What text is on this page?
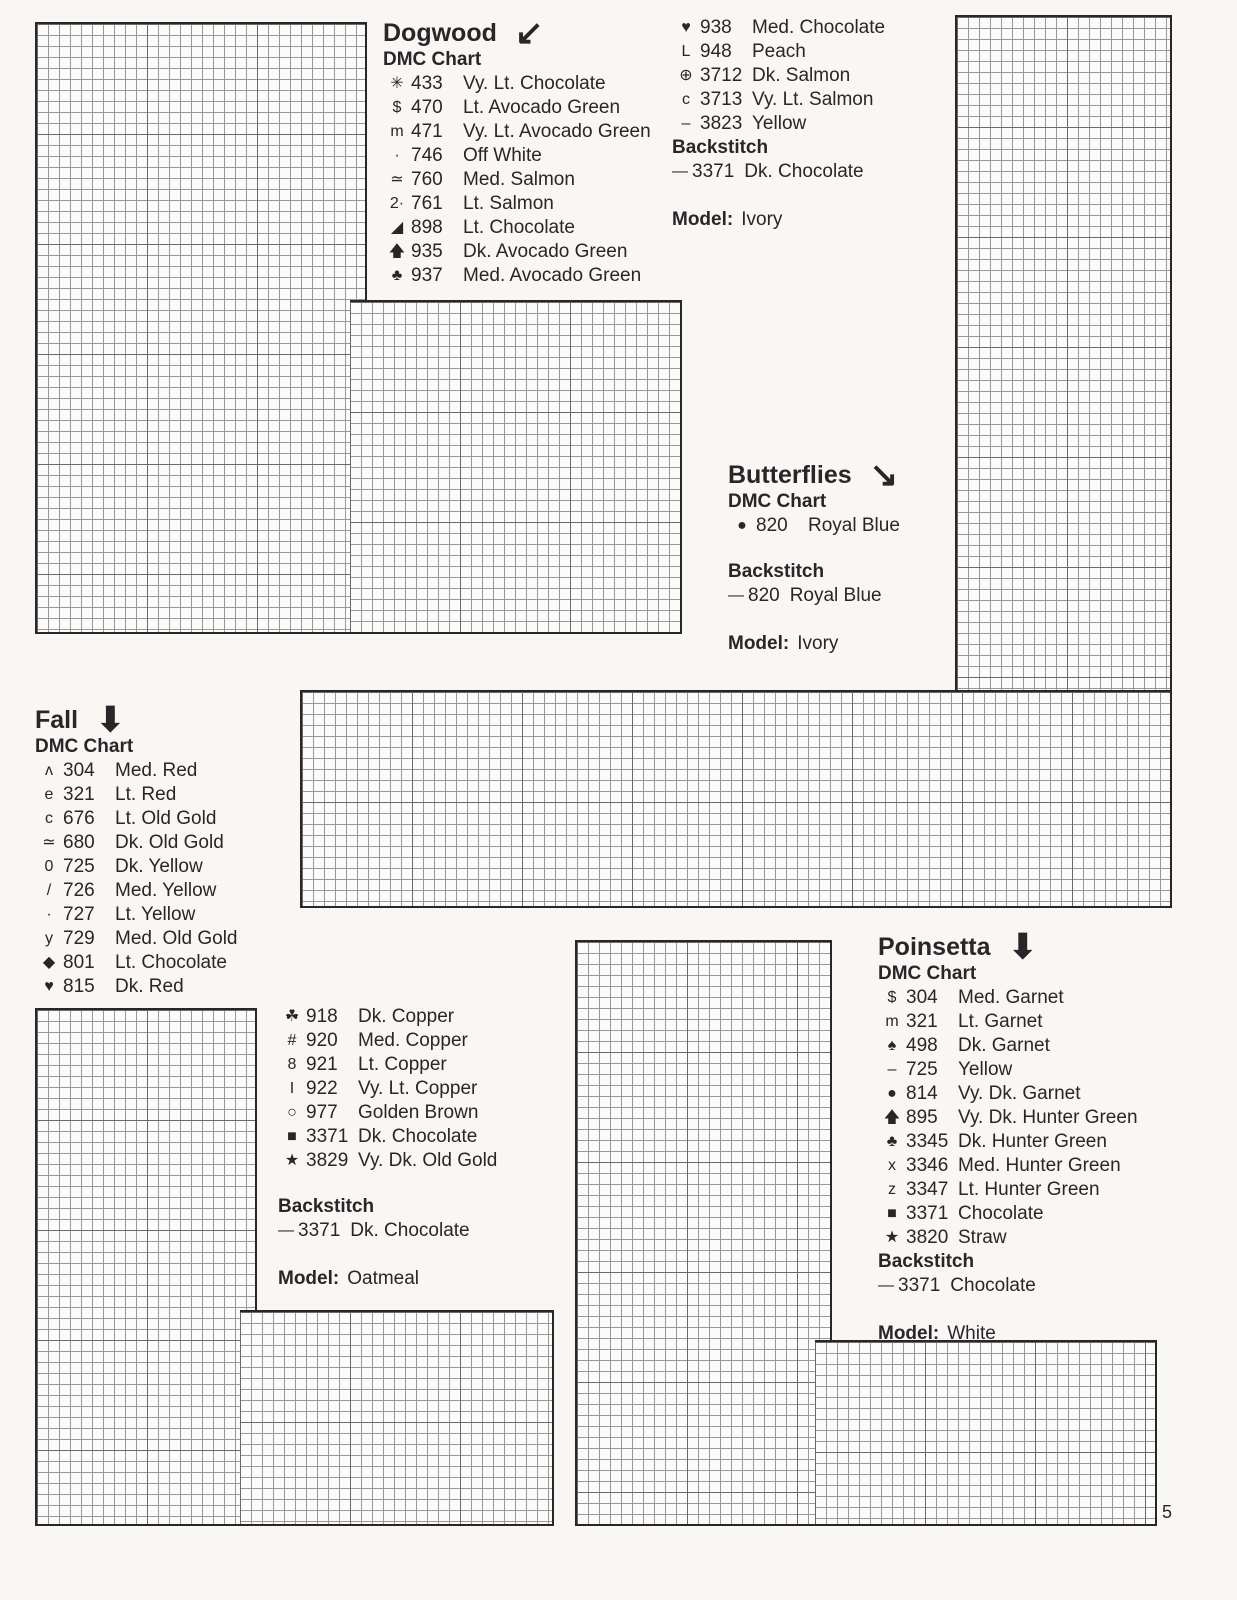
Dogwood ↙
DMC Chart
✳ 433	Vy. Lt. Chocolate
$ 470	Lt. Avocado Green
m 471	Vy. Lt. Avocado Green
· 746	Off White
≃ 760	Med. Salmon
2· 761	Lt. Salmon
◢ 898	Lt. Chocolate
🡅 935	Dk. Avocado Green
♣ 937	Med. Avocado Green
♥ 938	Med. Chocolate
L 948	Peach
⊕ 3712 Dk. Salmon
c 3713 Vy. Lt. Salmon
– 3823 Yellow
Backstitch
— 3371 Dk. Chocolate
Model: Ivory
Butterflies ↘
DMC Chart
● 820	Royal Blue
Backstitch
— 820 Royal Blue
Model: Ivory
Fall ⬇
DMC Chart
ʌ 304	Med. Red
e 321	Lt. Red
c 676	Lt. Old Gold
≃ 680	Dk. Old Gold
0 725	Dk. Yellow
/ 726	Med. Yellow
· 727	Lt. Yellow
y 729	Med. Old Gold
◆ 801	Lt. Chocolate
♥ 815	Dk. Red
☘ 918	Dk. Copper
# 920	Med. Copper
8 921	Lt. Copper
I 922	Vy. Lt. Copper
○ 977	Golden Brown
■ 3371 Dk. Chocolate
★ 3829 Vy. Dk. Old Gold
Backstitch
— 3371 Dk. Chocolate
Model: Oatmeal
Poinsetta ⬇
DMC Chart
$ 304	Med. Garnet
m 321	Lt. Garnet
♠ 498	Dk. Garnet
– 725	Yellow
● 814	Vy. Dk. Garnet
🡅 895	Vy. Dk. Hunter Green
♣ 3345 Dk. Hunter Green
x 3346 Med. Hunter Green
z 3347 Lt. Hunter Green
■ 3371 Chocolate
★ 3820 Straw
Backstitch
— 3371 Chocolate
Model: White
5
